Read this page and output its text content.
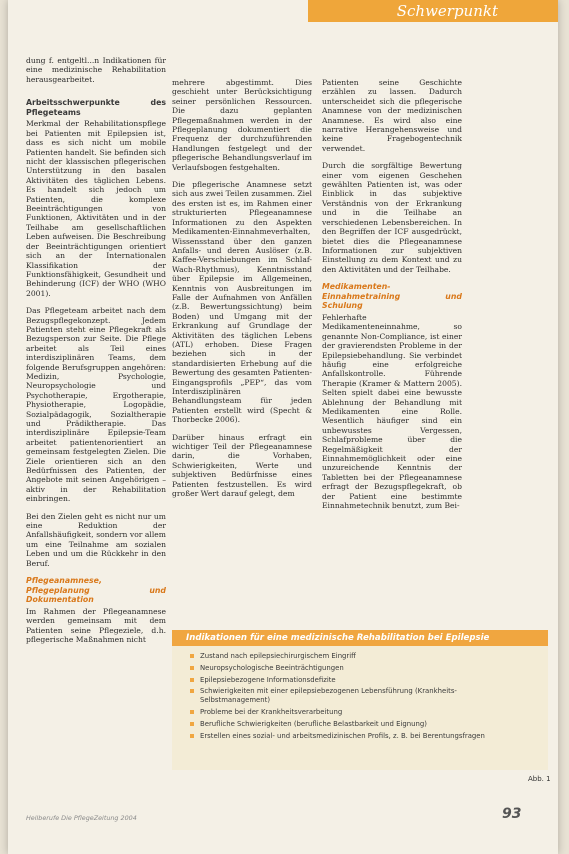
Schwerpunkt

dung f. entgeltl...n Indikationen für eine medizinische Rehabilitation herausgearbeitet.

Arbeitsschwerpunkte des Pflegeteams

Merkmal der Rehabilitationspflege bei Patienten mit Epilepsien ist, dass es sich nicht um mobile Patienten handelt. Sie befinden sich nicht der klassischen pflegerischen Unterstützung in den basalen Aktivitäten des täglichen Lebens. Es handelt sich jedoch um Patienten, die komplexe Beeinträchtigungen von Funktionen, Aktivitäten und in der Teilhabe am gesellschaftlichen Leben aufweisen. Die Beschreibung der Beeinträchtigungen orientiert sich an der Internationalen Klassifikation der Funktionsfähigkeit, Gesundheit und Behinderung (ICF) der WHO (WHO 2001).

Das Pflegeteam arbeitet nach dem Bezugspflegekonzept. Jedem Patienten steht eine Pflegekraft als Bezugsperson zur Seite. Die Pflege arbeitet als Teil eines interdisziplinären Teams, dem folgende Berufsgruppen angehören: Medizin, Psychologie, Neuropsychologie und Psychotherapie, Ergotherapie, Physiotherapie, Logopädie, Sozialpädagogik, Sozialtherapie und Prädiktherapie. Das interdisziplinäre Epilepsie-Team arbeitet patientenorientiert an gemeinsam festgelegten Zielen. Die Ziele orientieren sich an den Bedürfnissen des Patienten, der Angebote mit seinen Angehörigen – aktiv in der Rehabilitation einbringen.

Bei den Zielen geht es nicht nur um eine Reduktion der Anfallshäufigkeit, sondern vor allem um eine Teilnahme am sozialen Leben und um die Rückkehr in den Beruf.

Pflegeanamnese, Pflegeplanung und Dokumentation

Im Rahmen der Pflegeanamnese werden gemeinsam mit dem Patienten seine Pflegeziele, d.h. pflegerische Maßnahmen nicht

mehrere abgestimmt. Dies geschieht unter Berücksichtigung seiner persönlichen Ressourcen. Die dazu geplanten Pflegemaßnahmen werden in der Pflegeplanung dokumentiert die Frequenz der durchzuführenden Handlungen festgelegt und der pflegerische Behandlungsverlauf im Verlaufsbogen festgehalten.

Die pflegerische Anamnese setzt sich aus zwei Teilen zusammen. Ziel des ersten ist es, im Rahmen einer strukturierten Pflegeanamnese Informationen zu den Aspekten Medikamenten-Einnahmeverhalten, Wissensstand über den ganzen Anfalls- und deren Auslöser (z.B. Kaffee-Verschiebungen im Schlaf-Wach-Rhythmus), Kenntnisstand über Epilepsie im Allgemeinen, Kenntnis von Ausbreitungen im Falle der Aufnahmen von Anfällen (z.B. Bewertungssichtung) beim Boden) und Umgang mit der Erkrankung auf Grundlage der Aktivitäten des täglichen Lebens (ATL) erhoben. Diese Fragen beziehen sich in der standardisierten Erhebung auf die Bewertung des gesamten Patienten-Eingangsprofils „PEP“, das vom Interdisziplinären Behandlungsteam für jeden Patienten erstellt wird (Specht & Thorbecke 2006).

Darüber hinaus erfragt ein wichtiger Teil der Pflegeanamnese darin, die Vorhaben, Schwierigkeiten, Werte und subjektiven Bedürfnisse eines Patienten festzustellen. Es wird großer Wert darauf gelegt, dem

Patienten seine Geschichte erzählen zu lassen. Dadurch unterscheidet sich die pflegerische Anamnese von der medizinischen Anamnese. Es wird also eine narrative Herangehensweise und keine Fragebogentechnik verwendet.

Durch die sorgfältige Bewertung einer vom eigenen Geschehen gewählten Patienten ist, was oder Einblick in das subjektive Verständnis von der Erkrankung und in die Teilhabe an verschiedenen Lebensbereichen. In den Begriffen der ICF ausgedrückt, bietet dies die Pflegeanamnese Informationen zur subjektiven Einstellung zu dem Kontext und zu den Aktivitäten und der Teilhabe.

Medikamenten-Einnahmetraining und Schulung

Fehlerhafte Medikamenteneinnahme, so genannte Non-Compliance, ist einer der gravierendsten Probleme in der Epilepsiebehandlung. Sie verbindet häufig eine erfolgreiche Anfallskontrolle. Führende Therapie (Kramer & Mattern 2005). Selten spielt dabei eine bewusste Ablehnung der Behandlung mit Medikamenten eine Rolle. Wesentlich häufiger sind ein unbewusstes Vergessen, Schlafprobleme über die Regelmäßigkeit der Einnahmemöglichkeit oder eine unzureichende Kenntnis der Tabletten bei der Pflegeanamnese erfragt der Bezugspflegekraft, ob der Patient eine bestimmte Einnahmetechnik benutzt, zum Bei-

Indikationen für eine medizinische Rehabilitation bei Epilepsie
Zustand nach epilepsiechirurgischem Eingriff
Neuropsychologische Beeinträchtigungen
Epilepsiebezogene Informationsdefizite
Schwierigkeiten mit einer epilepsiebezogenen Lebensführung (Krankheits-Selbstmanagement)
Probleme bei der Krankheitsverarbeitung
Berufliche Schwierigkeiten (berufliche Belastbarkeit und Eignung)
Erstellen eines sozial- und arbeitsmedizinischen Profils, z. B. bei Berentungsfragen
Abb. 1
Heilberufe Die PflegeZeitung 2004	93
